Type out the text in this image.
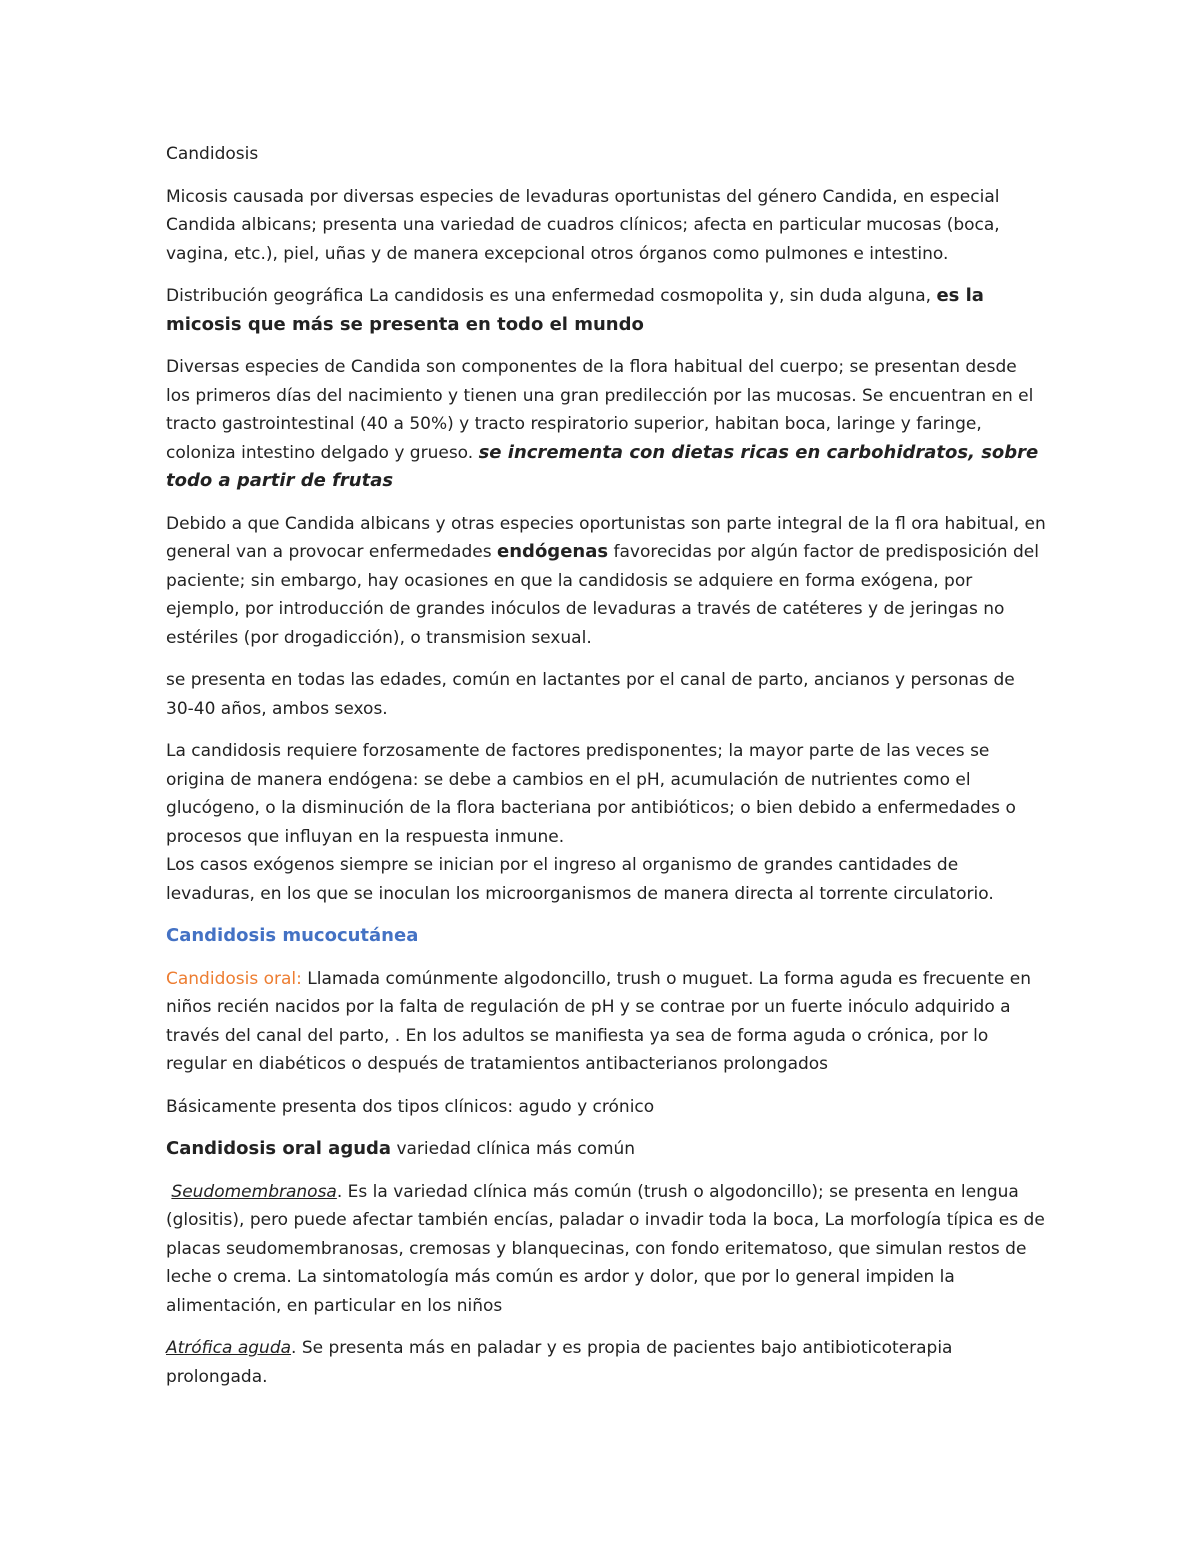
Candidosis

Micosis causada por diversas especies de levaduras oportunistas del género Candida, en especial Candida albicans; presenta una variedad de cuadros clínicos; afecta en particular mucosas (boca, vagina, etc.), piel, uñas y de manera excepcional otros órganos como pulmones e intestino.

Distribución geográfica La candidosis es una enfermedad cosmopolita y, sin duda alguna, es la micosis que más se presenta en todo el mundo

Diversas especies de Candida son componentes de la flora habitual del cuerpo; se presentan desde los primeros días del nacimiento y tienen una gran predilección por las mucosas. Se encuentran en el tracto gastrointestinal (40 a 50%) y tracto respiratorio superior, habitan boca, laringe y faringe, coloniza intestino delgado y grueso. se incrementa con dietas ricas en carbohidratos, sobre todo a partir de frutas

Debido a que Candida albicans y otras especies oportunistas son parte integral de la fl ora habitual, en general van a provocar enfermedades endógenas favorecidas por algún factor de predisposición del paciente; sin embargo, hay ocasiones en que la candidosis se adquiere en forma exógena, por ejemplo, por introducción de grandes inóculos de levaduras a través de catéteres y de jeringas no estériles (por drogadicción), o transmision sexual.

se presenta en todas las edades, común en lactantes por el canal de parto, ancianos y personas de 30-40 años, ambos sexos.

La candidosis requiere forzosamente de factores predisponentes; la mayor parte de las veces se origina de manera endógena: se debe a cambios en el pH, acumulación de nutrientes como el glucógeno, o la disminución de la flora bacteriana por antibióticos; o bien debido a enfermedades o procesos que influyan en la respuesta inmune.

Los casos exógenos siempre se inician por el ingreso al organismo de grandes cantidades de levaduras, en los que se inoculan los microorganismos de manera directa al torrente circulatorio.

Candidosis mucocutánea

Candidosis oral: Llamada comúnmente algodoncillo, trush o muguet. La forma aguda es frecuente en niños recién nacidos por la falta de regulación de pH y se contrae por un fuerte inóculo adquirido a través del canal del parto, . En los adultos se manifiesta ya sea de forma aguda o crónica, por lo regular en diabéticos o después de tratamientos antibacterianos prolongados

Básicamente presenta dos tipos clínicos: agudo y crónico

Candidosis oral aguda variedad clínica más común

Seudomembranosa. Es la variedad clínica más común (trush o algodoncillo); se presenta en lengua (glositis), pero puede afectar también encías, paladar o invadir toda la boca, La morfología típica es de placas seudomembranosas, cremosas y blanquecinas, con fondo eritematoso, que simulan restos de leche o crema. La sintomatología más común es ardor y dolor, que por lo general impiden la alimentación, en particular en los niños

Atrófica aguda. Se presenta más en paladar y es propia de pacientes bajo antibioticoterapia prolongada.
